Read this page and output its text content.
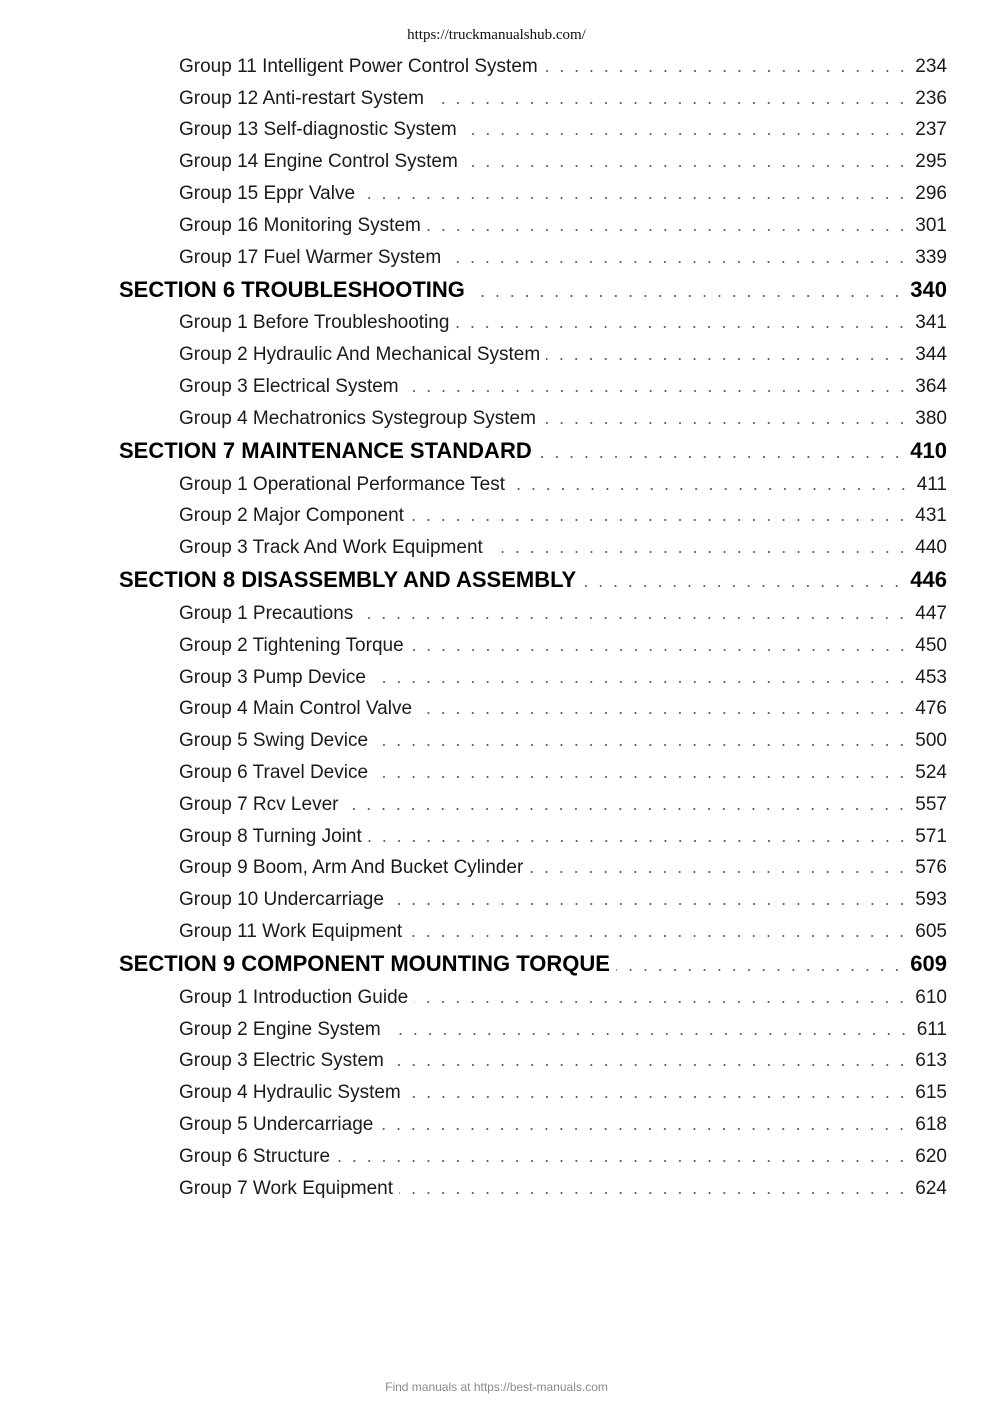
https://truckmanualshub.com/
Group 11 Intelligent Power Control System	234
Group 12 Anti-restart System	236
Group 13 Self-diagnostic System	237
Group 14 Engine Control System	295
Group 15 Eppr Valve	296
Group 16 Monitoring System	301
Group 17 Fuel Warmer System	339
SECTION 6 TROUBLESHOOTING	340
Group 1 Before Troubleshooting	341
Group 2 Hydraulic And Mechanical System	344
Group 3 Electrical System	364
Group 4 Mechatronics Systegroup System	380
SECTION 7 MAINTENANCE STANDARD	410
Group 1 Operational Performance Test	411
Group 2 Major Component	431
Group 3 Track And Work Equipment	440
SECTION 8 DISASSEMBLY AND ASSEMBLY	446
Group 1 Precautions	447
Group 2 Tightening Torque	450
Group 3 Pump Device	453
Group 4 Main Control Valve	476
Group 5 Swing Device	500
Group 6 Travel Device	524
Group 7 Rcv Lever	557
Group 8 Turning Joint	571
Group 9 Boom, Arm And Bucket Cylinder	576
Group 10 Undercarriage	593
Group 11 Work Equipment	605
SECTION 9 COMPONENT MOUNTING TORQUE	609
Group 1 Introduction Guide	610
Group 2 Engine System	611
Group 3 Electric System	613
Group 4 Hydraulic System	615
Group 5 Undercarriage	618
Group 6 Structure	620
Group 7 Work Equipment	624
Find manuals at https://best-manuals.com
